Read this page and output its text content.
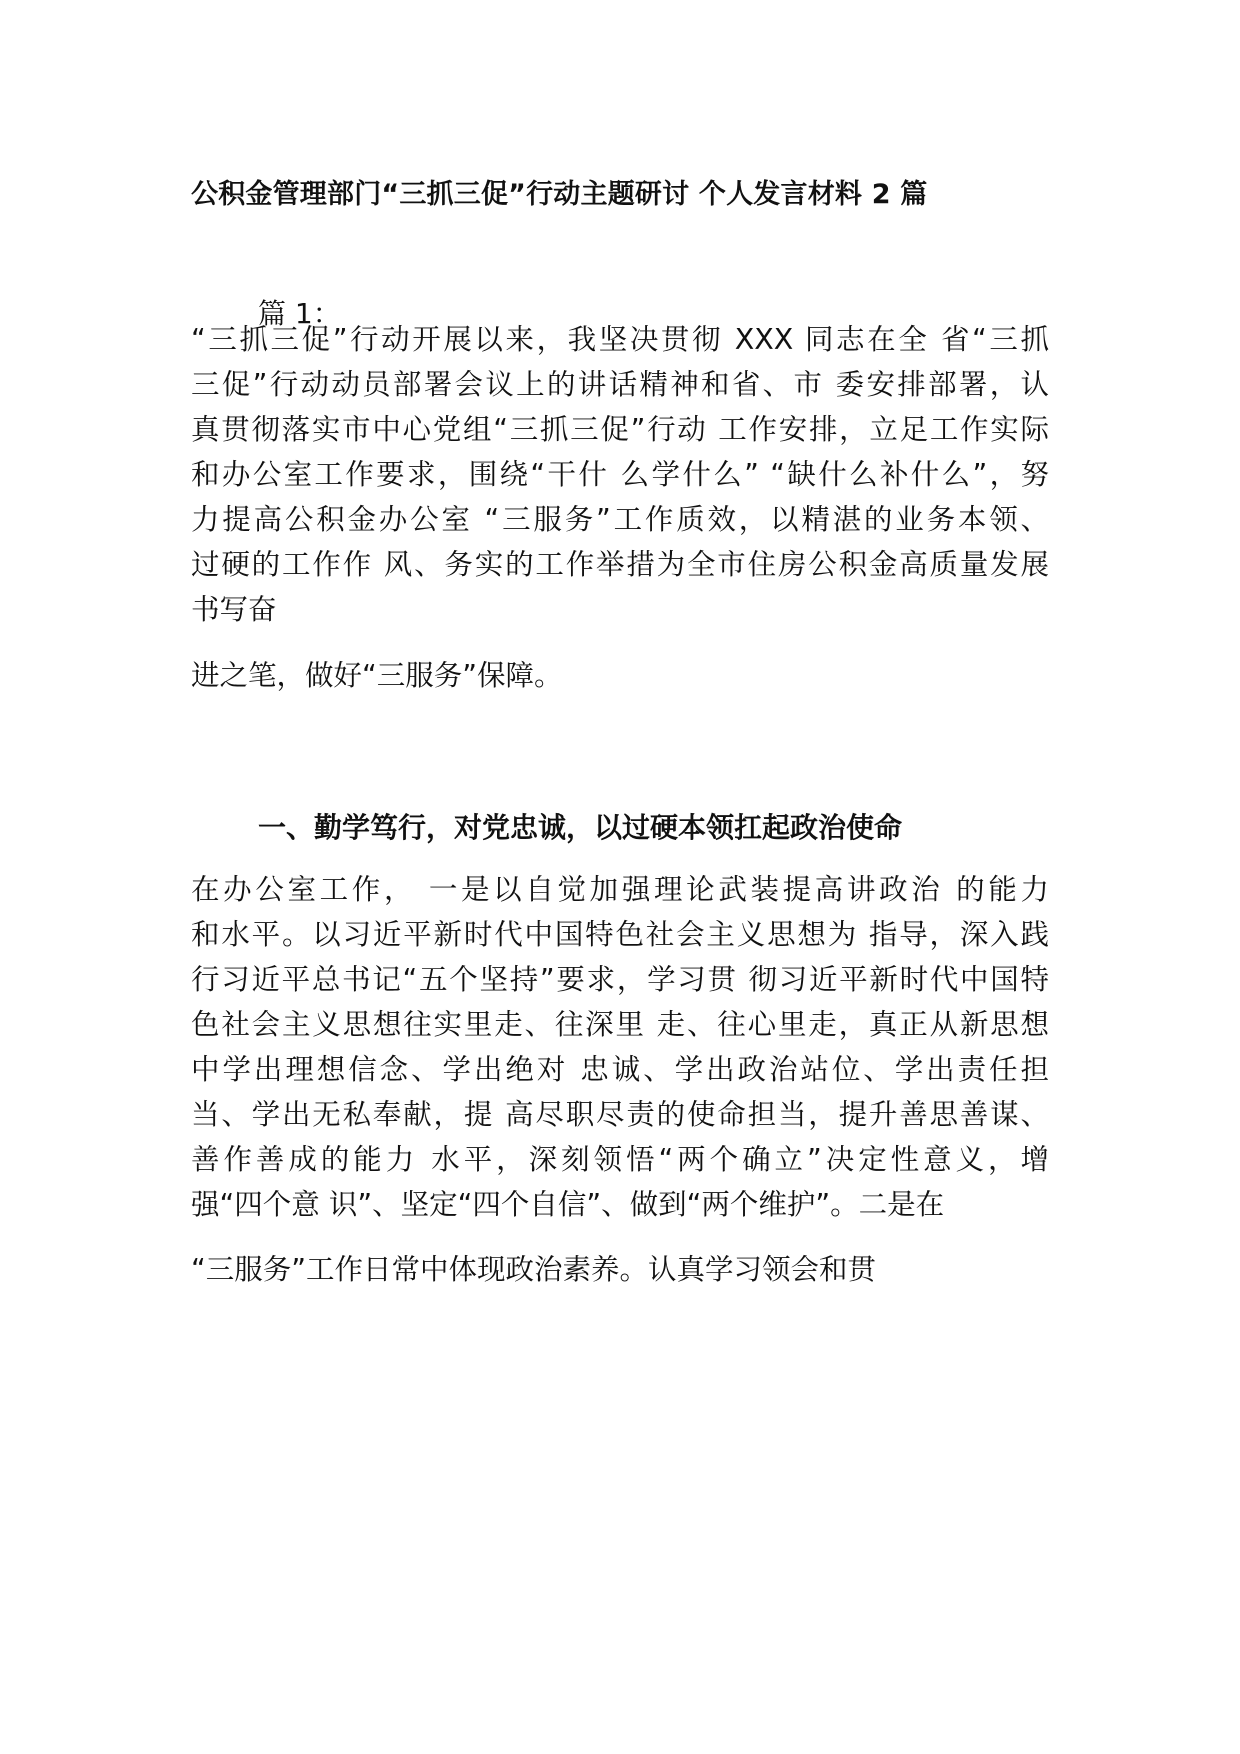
公积金管理部门“三抓三促”行动主题研讨 个人发言材料 2 篇
篇 1：
“三抓三促”行动开展以来，我坚决贯彻 XXX 同志在全 省“三抓
三促”行动动员部署会议上的讲话精神和省、市 委安排部署，认
真贯彻落实市中心党组“三抓三促”行动 工作安排，立足工作实际
和办公室工作要求，围绕“干什 么学什么” “缺什么补什么”，努
力提高公积金办公室 “三服务”工作质效，以精湛的业务本领、
过硬的工作作 风、务实的工作举措为全市住房公积金高质量发展
书写奋
进之笔，做好“三服务”保障。
一、勤学笃行，对党忠诚，以过硬本领扛起政治使命
在办公室工作， 一是以自觉加强理论武装提高讲政治 的能力
和水平。以习近平新时代中国特色社会主义思想为 指导，深入践
行习近平总书记“五个坚持”要求，学习贯 彻习近平新时代中国特
色社会主义思想往实里走、往深里 走、往心里走，真正从新思想
中学出理想信念、学出绝对 忠诚、学出政治站位、学出责任担
当、学出无私奉献，提 高尽职尽责的使命担当，提升善思善谋、
善作善成的能力 水平，深刻领悟“两个确立”决定性意义，增
强“四个意 识”、坚定“四个自信”、做到“两个维护”。二是在
“三服务”工作日常中体现政治素养。认真学习领会和贯
